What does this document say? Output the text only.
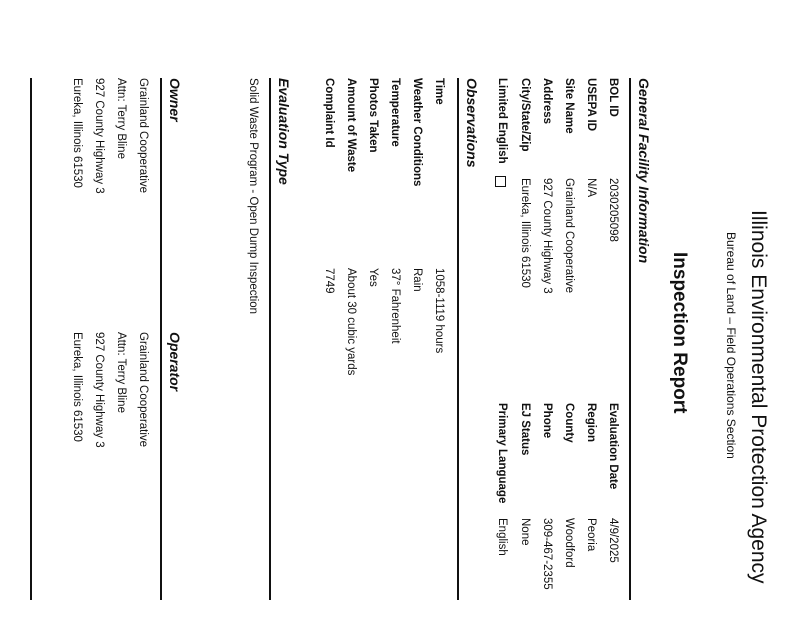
Illinois Environmental Protection Agency
Bureau of Land – Field Operations Section
Inspection Report
General Facility Information
BOL ID
2030205098
USEPA ID
N/A
Site Name
Grainland Cooperative
Address
927 County Highway 3
City/State/Zip
Eureka, Illinois 61530
Limited English
Evaluation Date
4/9/2025
Region
Peoria
County
Woodford
Phone
309-467-2355
EJ Status
None
Primary Language
English
Observations
Time
1058-1119 hours
Weather Conditions
Rain
Temperature
37° Fahrenheit
Photos Taken
Yes
Amount of Waste
About 30 cubic yards
Complaint Id
7749
Evaluation Type
Solid Waste Program - Open Dump Inspection
Owner
Operator
Grainland Cooperative
Attn: Terry Bline
927 County Highway 3
Eureka, Illinois 61530
Grainland Cooperative
Attn: Terry Bline
927 County Highway 3
Eureka, Illinois 61530
